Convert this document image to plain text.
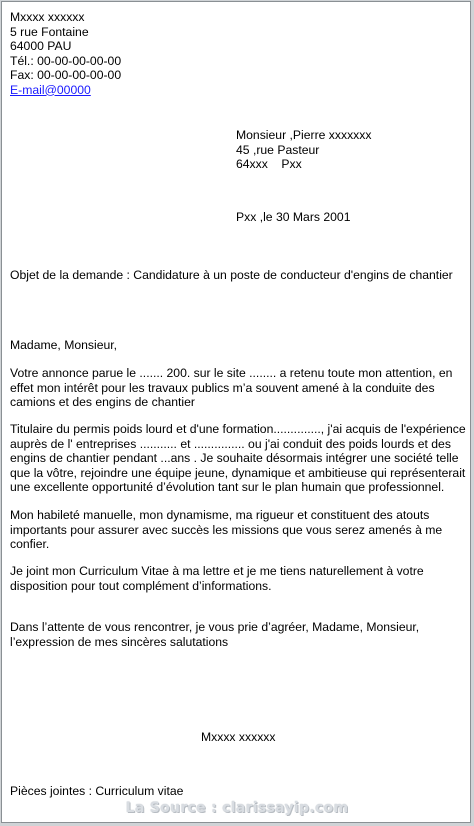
Mxxxx xxxxxx
5 rue Fontaine
64000 PAU
Tél.: 00-00-00-00-00
Fax: 00-00-00-00-00
E-mail@00000
Monsieur ,Pierre xxxxxxx
45 ,rue Pasteur
64xxx    Pxx
Pxx ,le 30 Mars 2001
Objet de la demande : Candidature à un poste de conducteur d'engins de chantier
Madame, Monsieur,

Votre annonce parue le ....... 200. sur le site ........ a retenu toute mon attention, en effet mon intérêt pour les travaux publics m’a souvent amené à la conduite des camions et des engins de chantier

Titulaire du permis poids lourd et d'une formation.............., j'ai acquis de l'expérience auprès de l' entreprises ........... et ............... ou j'ai conduit des poids lourds et des engins de chantier pendant ...ans . Je souhaite désormais intégrer une société telle que la vôtre, rejoindre une équipe jeune, dynamique et ambitieuse qui représenterait une excellente opportunité d’évolution tant sur le plan humain que professionnel.

Mon habileté manuelle, mon dynamisme, ma rigueur et constituent des atouts importants pour assurer avec succès les missions que vous serez amenés à me confier.

Je joint mon Curriculum Vitae à ma lettre et je me tiens naturellement à votre disposition pour tout complément d’informations.

Dans l’attente de vous rencontrer, je vous prie d’agréer, Madame, Monsieur, l’expression de mes sincères salutations

Mxxxx xxxxxx
Pièces jointes : Curriculum vitae
La Source : clarissayip.com
